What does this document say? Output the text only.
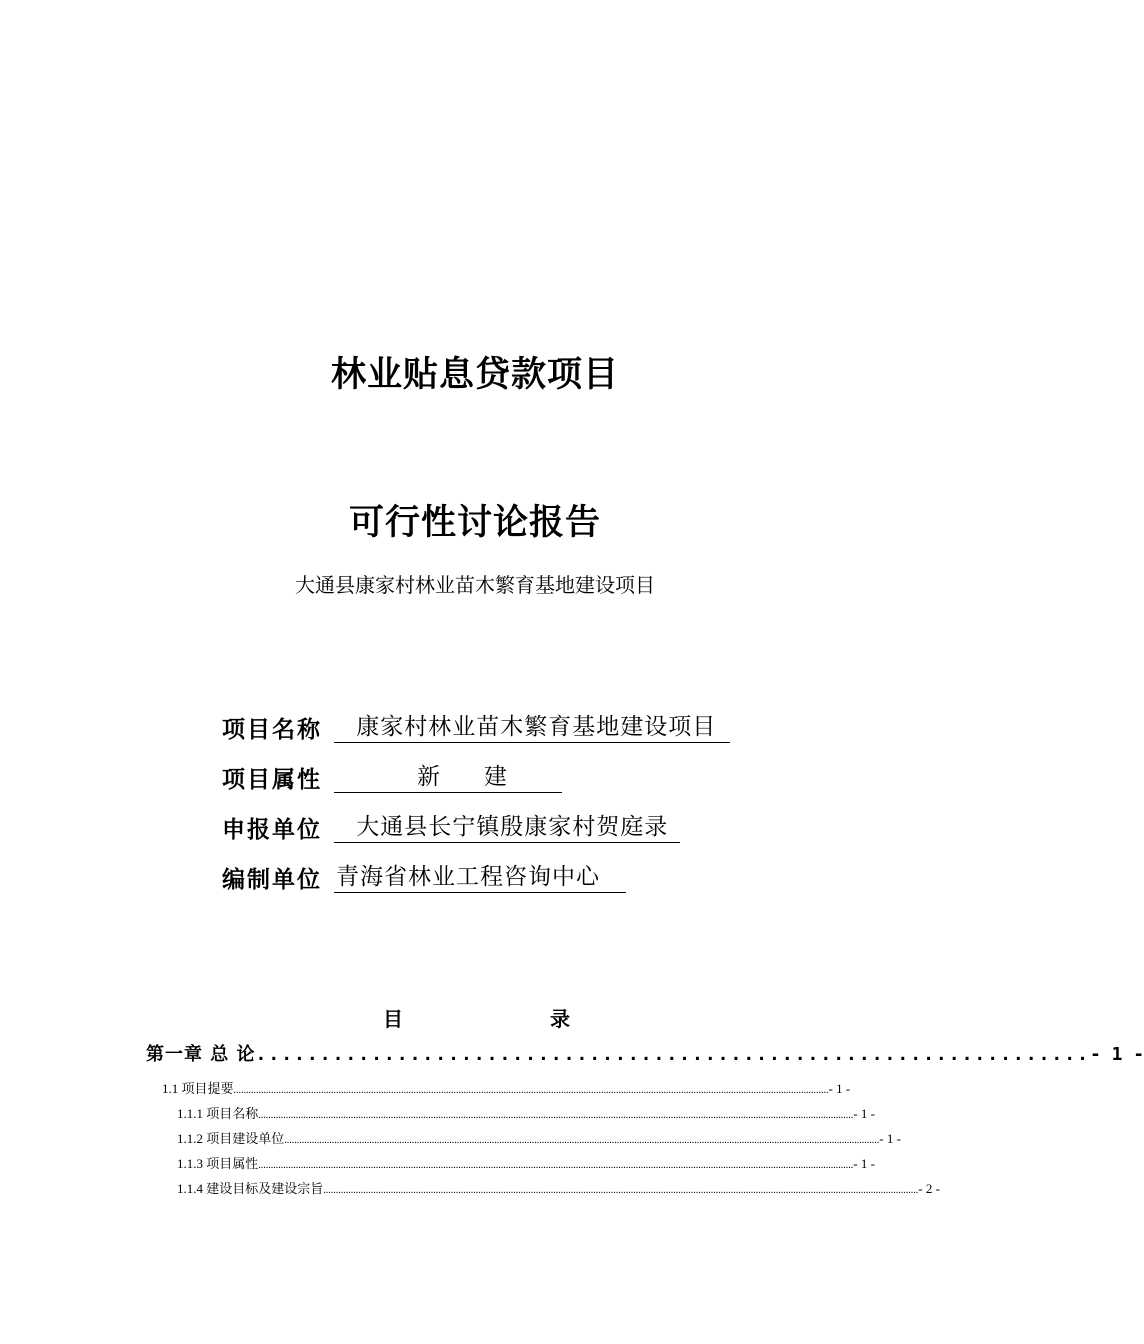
林业贴息贷款项目
可行性讨论报告
大通县康家村林业苗木繁育基地建设项目
项目名称	康家村林业苗木繁育基地建设项目
项目属性	新      建
申报单位	大通县长宁镇殷康家村贺庭录
编制单位 青海省林业工程咨询中心
目	录
第一章 总 论 ................................................................. - 1 -
1.1 项目提要 .............................................................................................................................................................................................................................................. - 1 -
1.1.1 项目名称 .............................................................................................................................................................................................................................................. - 1 -
1.1.2 项目建设单位 .............................................................................................................................................................................................................................................. - 1 -
1.1.3 项目属性 .............................................................................................................................................................................................................................................. - 1 -
1.1.4 建设目标及建设宗旨 .............................................................................................................................................................................................................................................. - 2 -
